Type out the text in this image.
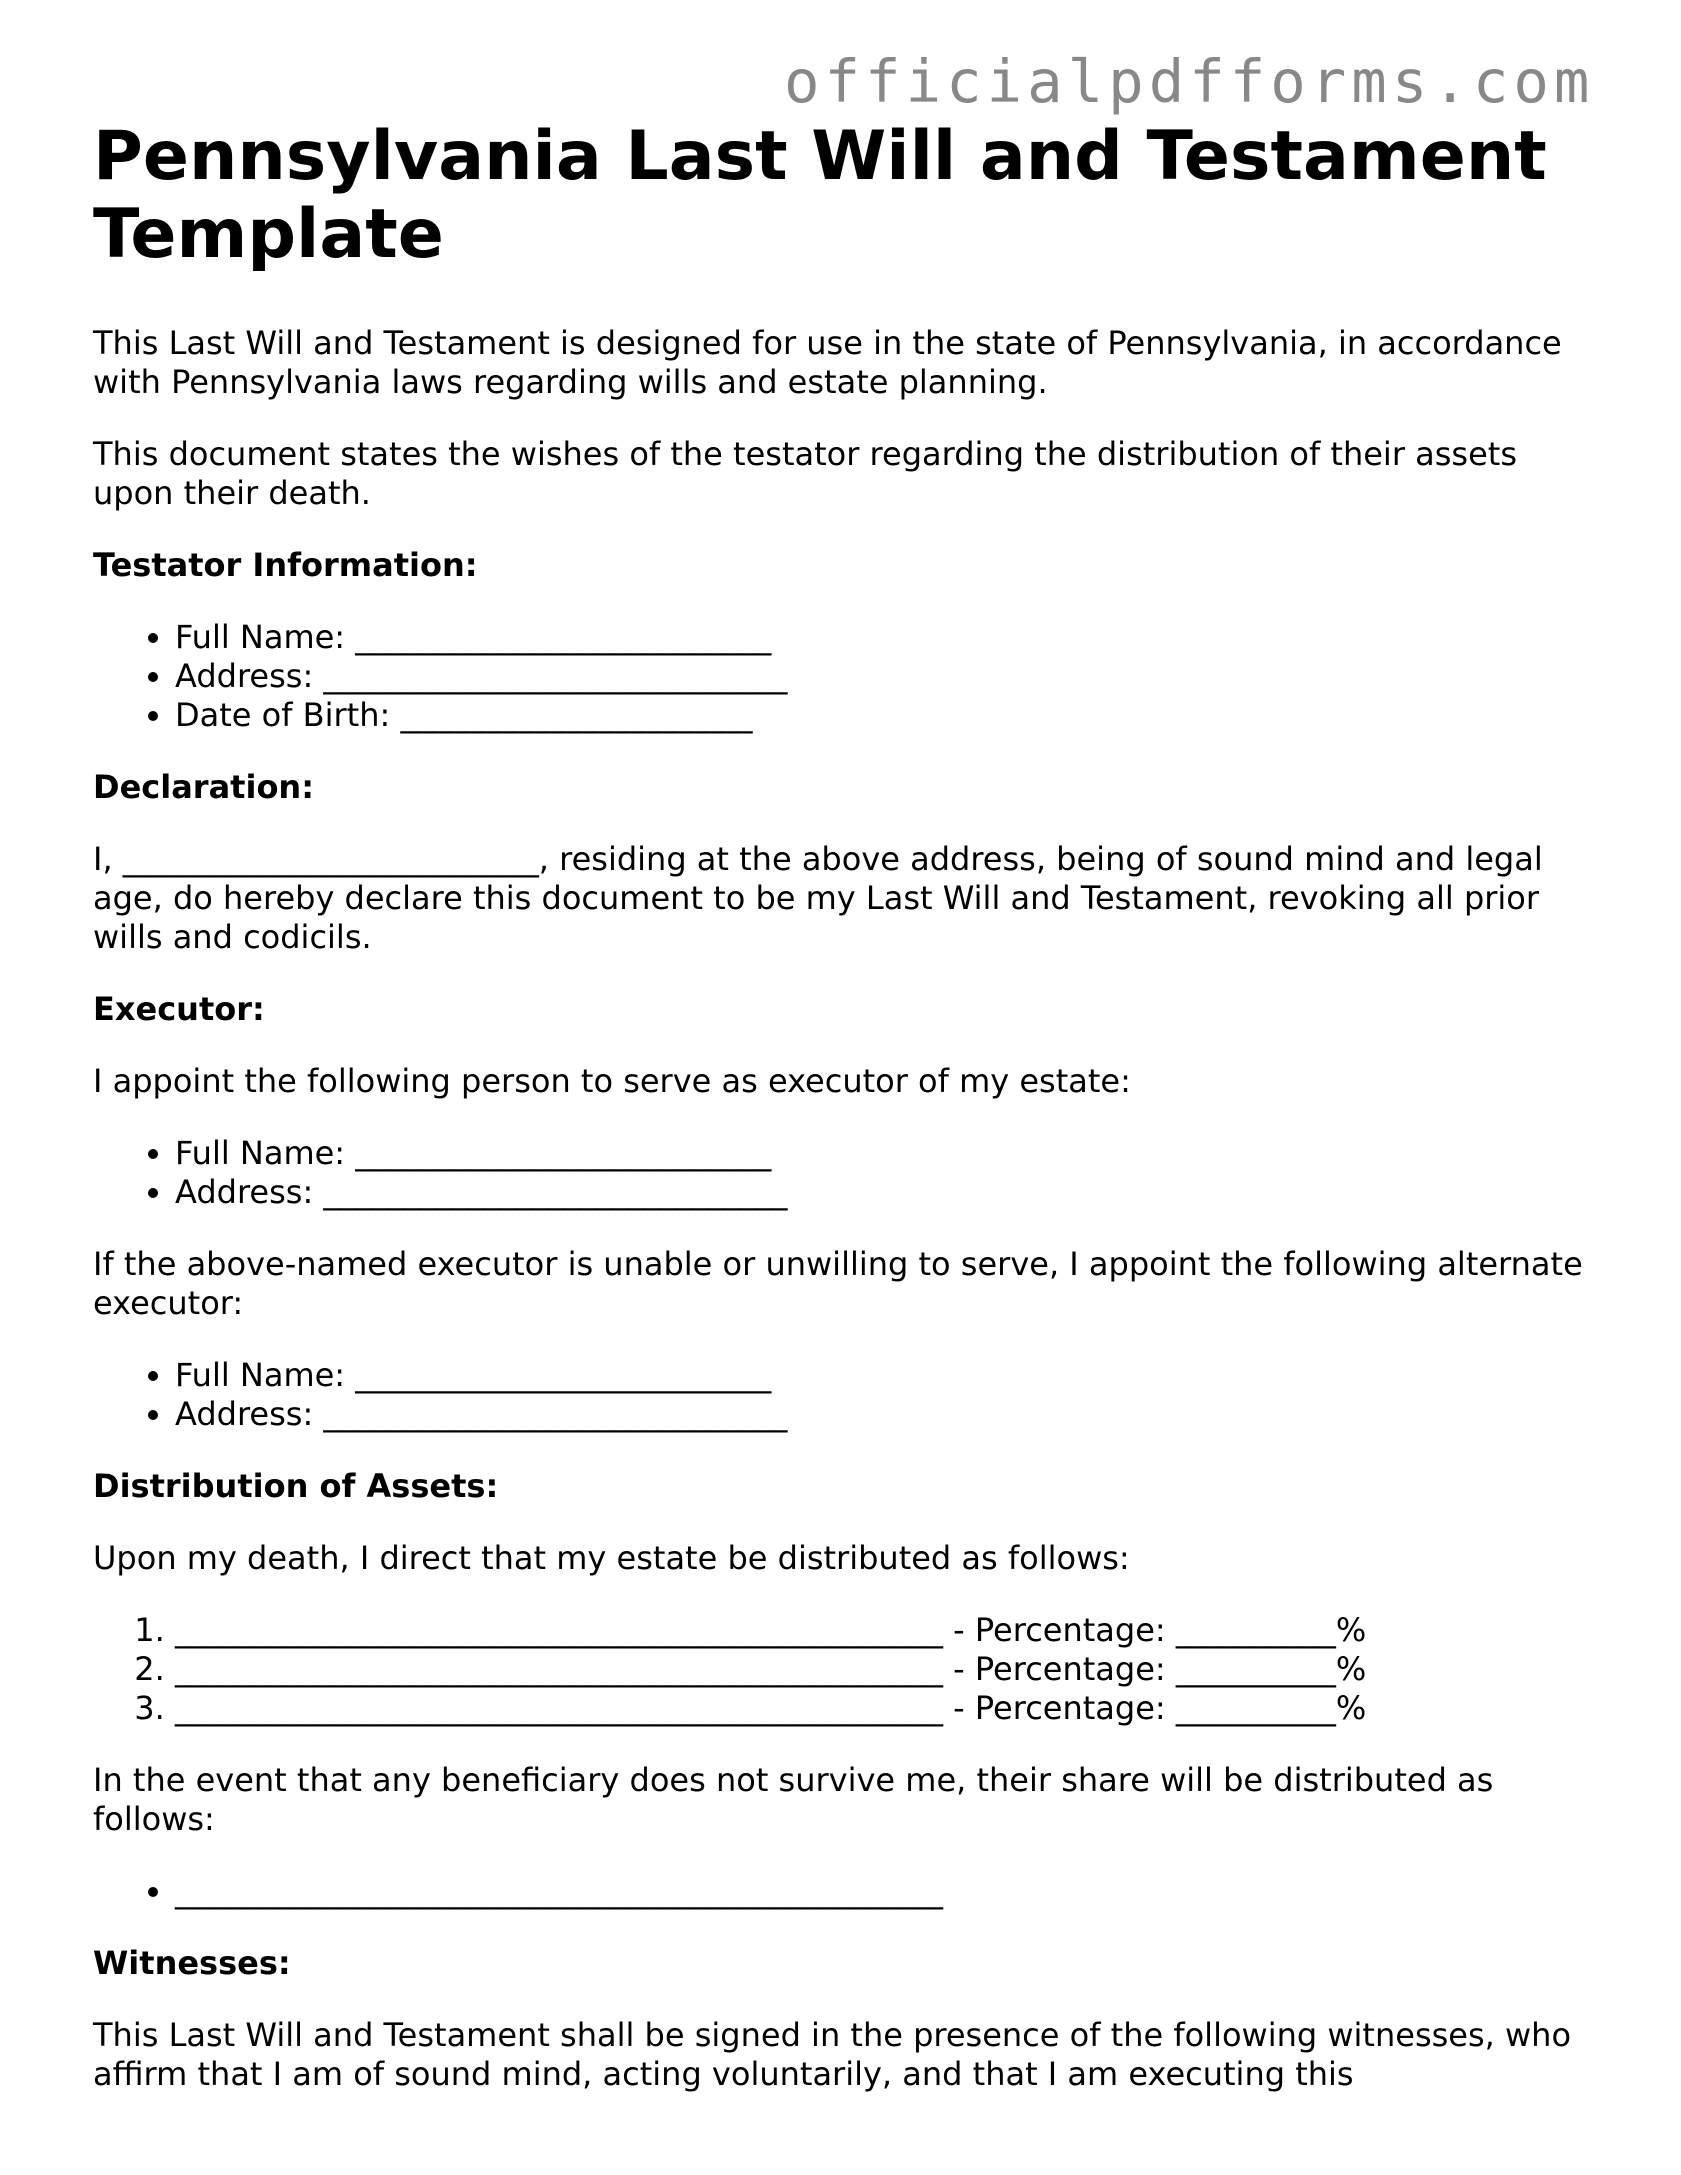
officialpdfforms.com
Pennsylvania Last Will and Testament Template

This Last Will and Testament is designed for use in the state of Pennsylvania, in accordance with Pennsylvania laws regarding wills and estate planning.

This document states the wishes of the testator regarding the distribution of their assets upon their death.

Testator Information:

• Full Name: __________________________
• Address: _____________________________
• Date of Birth: ______________________

Declaration:

I, __________________________, residing at the above address, being of sound mind and legal age, do hereby declare this document to be my Last Will and Testament, revoking all prior wills and codicils.

Executor:

I appoint the following person to serve as executor of my estate:

• Full Name: __________________________
• Address: _____________________________

If the above-named executor is unable or unwilling to serve, I appoint the following alternate executor:

• Full Name: __________________________
• Address: _____________________________

Distribution of Assets:

Upon my death, I direct that my estate be distributed as follows:

1. ________________________________________________ - Percentage: __________%
2. ________________________________________________ - Percentage: __________%
3. ________________________________________________ - Percentage: __________%

In the event that any beneficiary does not survive me, their share will be distributed as follows:

• ________________________________________________

Witnesses:

This Last Will and Testament shall be signed in the presence of the following witnesses, who affirm that I am of sound mind, acting voluntarily, and that I am executing this
